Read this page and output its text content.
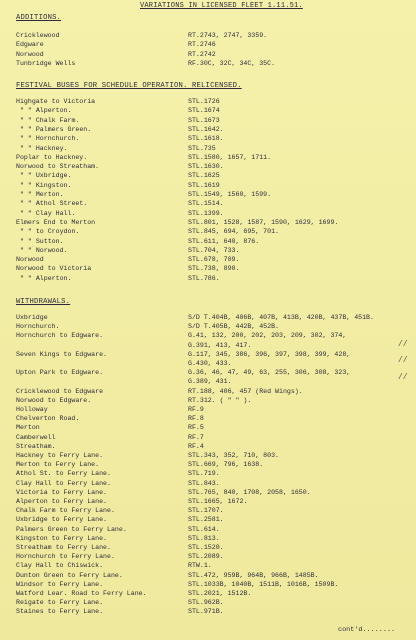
VARIATIONS IN LICENSED FLEET 1.11.51.
ADDITIONS.
Cricklewood	RT.2743, 2747, 3359.
Edgware	RT.2746
Norwood	RT.2742
Tunbridge Wells	RF.30C, 32C, 34C, 35C.
FESTIVAL BUSES FOR SCHEDULE OPERATION. RELICENSED.
Highgate to Victoria	STL.1726
" " Alperton.	STL.1674
" " Chalk Farm.	STL.1673
" " Palmers Green.	STL.1642.
" " Hornchurch.	STL.1618.
" " Hackney.	STL.735
Poplar to Hackney.	STL.1580, 1657, 1711.
Norwood to Streatham.	STL.1630.
" " Uxbridge.	STL.1625
" " Kingston.	STL.1619
" " Merton.	STL.1549, 1560, 1599.
" " Athol Street.	STL.1514.
" " Clay Hall.	STL.1399.
Elmers End to Merton	STL.801, 1528, 1587, 1590, 1629, 1699.
" " to Croydon.	STL.845, 694, 695, 701.
" " Sutton.	STL.611, 640, 876.
" " Norwood.	STL.704, 733.
Norwood	STL.678, 709.
Norwood to Victoria	STL.738, 890.
" " Alperton.	STL.786.
WITHDRAWALS.
Uxbridge	S/D T.404B, 406B, 407B, 413B, 420B, 437B, 451B.
Hornchurch.	S/D T.405B, 442B, 452B.
Hornchurch to Edgware.	G.41, 132, 200, 202, 203, 209, 302, 374,
G.391, 413, 417.
Seven Kings to Edgware.	G.117, 345, 386, 396, 397, 398, 399, 428,
G.430, 433.
Upton Park to Edgware.	G.36, 46, 47, 49, 63, 255, 306, 308, 323,
G.389, 431.
Cricklewood to Edgware	RT.188, 406, 457 (Red Wings).
Norwood to Edgware.	RT.312. ( " " ).
Holloway	RF.9
Chelverton Road.	RF.8
Merton	RF.5
Camberwell	RF.7
Streatham.	RF.4
Hackney to Ferry Lane.	STL.343, 352, 710, 803.
Merton to Ferry Lane.	STL.669, 796, 1638.
Athol St. to Ferry Lane.	STL.719.
Clay Hall to Ferry Lane.	STL.843.
Victoria to Ferry Lane.	STL.765, 840, 1708, 2058, 1650.
Alperton to Ferry Lane.	STL.1665, 1672.
Chalk Farm to Ferry Lane.	STL.1707.
Uxbridge to Ferry Lane.	STL.2581.
Palmers Green to Ferry Lane.	STL.614.
Kingston to Ferry Lane.	STL.813.
Streatham to Ferry Lane.	STL.1520.
Hornchurch to Ferry Lane.	STL.2089.
Clay Hall to Chiswick.	RTW.1.
Dunton Green to Ferry Lane.	STL.472, 959B, 964B, 966B, 1485B.
Windsor to Ferry Lane.	STL.1033B, 1040B, 1511B, 1016B, 1509B.
Watford Lear. Road to Ferry Lane.	STL.2021, 1512B.
Reigate to Ferry Lane.	STL.962B.
Staines to Ferry Lane.	STL.971B.
//
//
//
cont'd........
